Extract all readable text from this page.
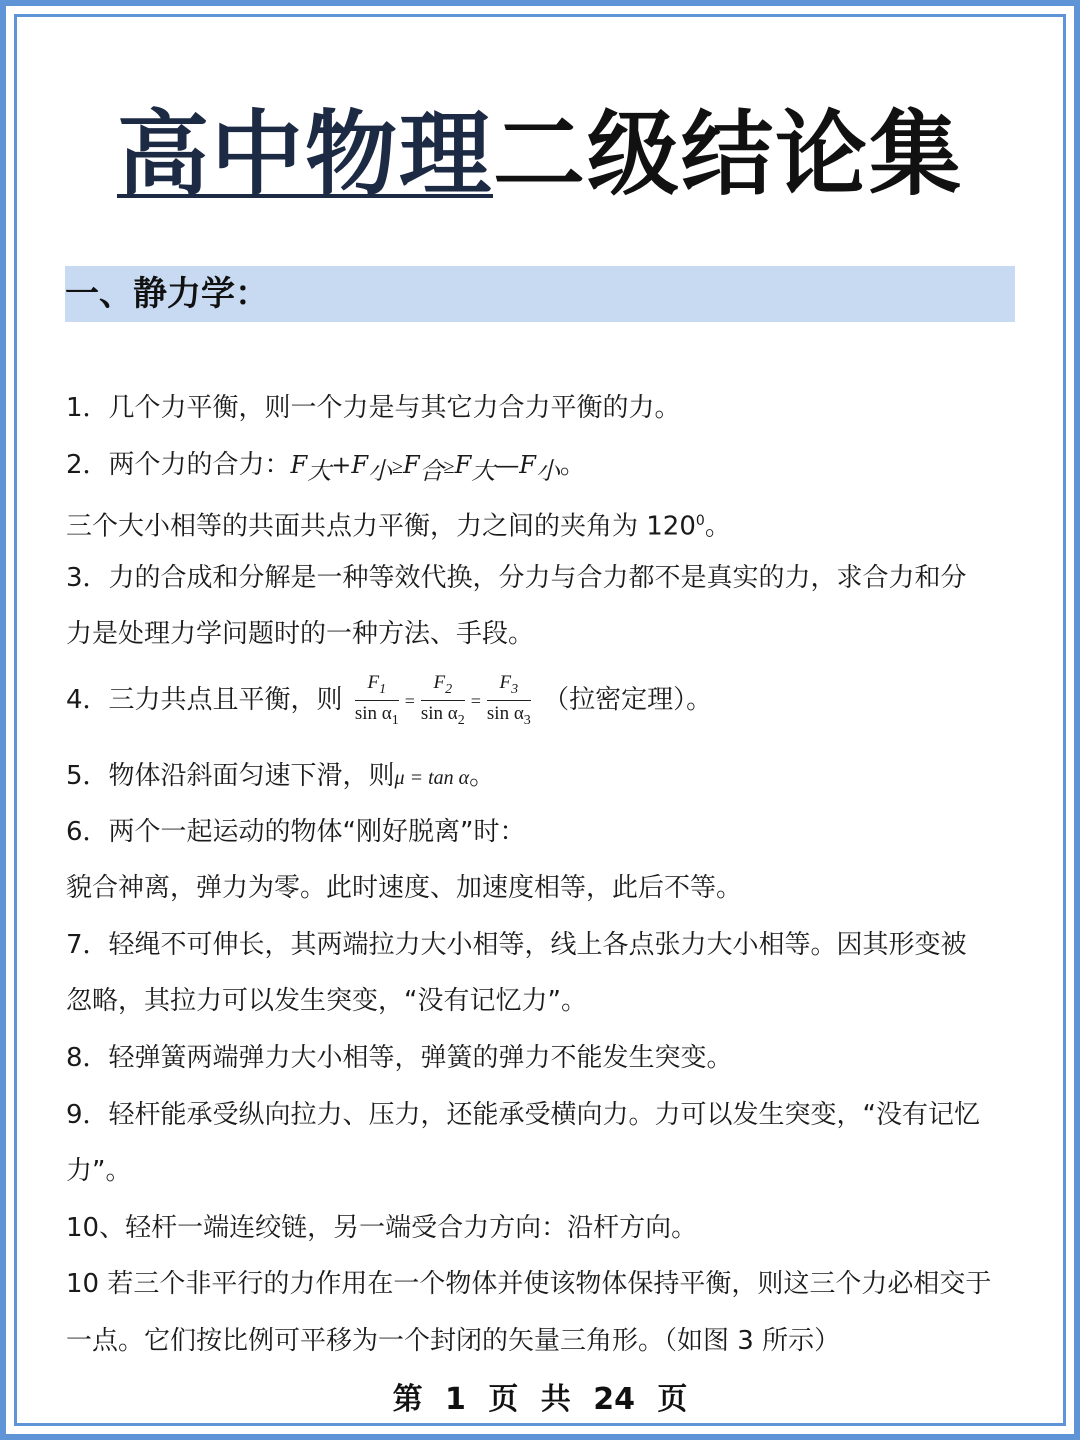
高中物理二级结论集
一、静力学：
1．几个力平衡，则一个力是与其它力合力平衡的力。
2．两个力的合力：$F_大+F_小\ge F_合\ge F_大—F_小$。
三个大小相等的共面共点力平衡，力之间的夹角为 $120^0$。
3．力的合成和分解是一种等效代换，分力与合力都不是真实的力，求合力和分
力是处理力学问题时的一种方法、手段。
4．三力共点且平衡，则 $\frac{F_1}{\sin \alpha_1} = \frac{F_2}{\sin \alpha_2} = \frac{F_3}{\sin \alpha_3}$ （拉密定理）。
5．物体沿斜面匀速下滑，则μ = tan α。
6．两个一起运动的物体“刚好脱离”时：
貌合神离，弹力为零。此时速度、加速度相等，此后不等。
7．轻绳不可伸长，其两端拉力大小相等，线上各点张力大小相等。因其形变被
忽略，其拉力可以发生突变，“没有记忆力”。
8．轻弹簧两端弹力大小相等，弹簧的弹力不能发生突变。
9．轻杆能承受纵向拉力、压力，还能承受横向力。力可以发生突变，“没有记忆
力”。
10、轻杆一端连绞链，另一端受合力方向：沿杆方向。
10 若三个非平行的力作用在一个物体并使该物体保持平衡，则这三个力必相交于
一点。它们按比例可平移为一个封闭的矢量三角形。（如图 3 所示）
第 1 页 共 24 页
